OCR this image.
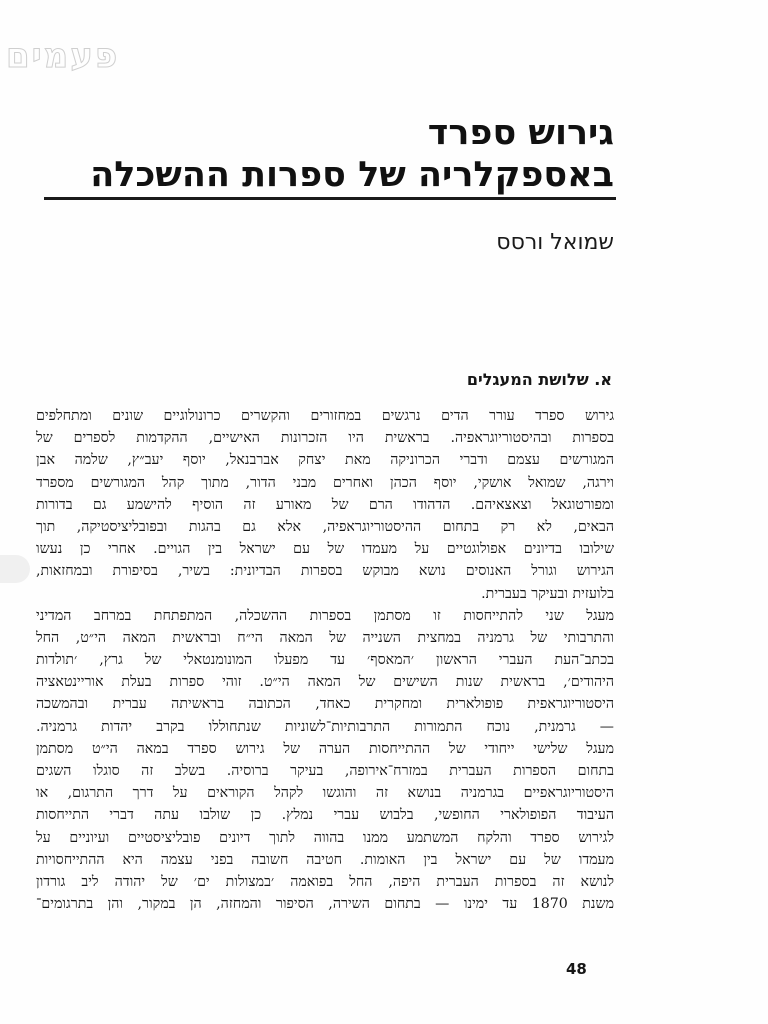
פעמים
גירוש ספרד
באספקלריה של ספרות ההשכלה
שמואל ורסס
א. שלושת המעגלים
גירוש ספרד עורר הדים נרגשים במחזורים והקשרים כרונולוגיים שונים ומתחלפים
בספרות ובהיסטוריוגראפיה. בראשית היו הזכרונות האישיים, ההקדמות לספרים של
המגורשים עצמם ודברי הכרוניקה מאת יצחק אברבנאל, יוסף יעב״ץ, שלמה אבן
וירגה, שמואל אושקי, יוסף הכהן ואחרים מבני הדור, מתוך קהל המגורשים מספרד
ומפורטוגאל וצאצאיהם. הדהודו הרם של מאורע זה הוסיף להישמע גם בדורות
הבאים, לא רק בתחום ההיסטוריוגראפיה, אלא גם בהגות ובפובליציסטיקה, תוך
שילובו בדיונים אפולוגטיים על מעמדו של עם ישראל בין הגויים. אחרי כן נעשו
הגירוש וגורל האנוסים נושא מבוקש בספרות הבדיונית: בשיר, בסיפורת ובמחזאות,
בלועזית ובעיקר בעברית.
מעגל שני להתייחסות זו מסתמן בספרות ההשכלה, המתפתחת במרחב המדיני
והתרבותי של גרמניה במחצית השנייה של המאה הי״ח ובראשית המאה הי״ט, החל
בכתב־העת העברי הראשון ׳המאסף׳ עד מפעלו המונומנטאלי של גרץ, ׳תולדות
היהודים׳, בראשית שנות השישים של המאה הי״ט. זוהי ספרות בעלת אוריינטאציה
היסטוריוגראפית פופולארית ומחקרית כאחד, הכתובה בראשיתה עברית ובהמשכה
— גרמנית, נוכח התמורות התרבותיות־לשוניות שנתחוללו בקרב יהדות גרמניה.
מעגל שלישי ייחודי של ההתייחסות הערה של גירוש ספרד במאה הי״ט מסתמן
בתחום הספרות העברית במזרח־אירופה, בעיקר ברוסיה. בשלב זה סוגלו השגים
היסטוריוגראפיים בגרמניה בנושא זה והוגשו לקהל הקוראים על דרך התרגום, או
העיבוד הפופולארי החופשי, בלבוש עברי נמלץ. כן שולבו עתה דברי התייחסות
לגירוש ספרד והלקח המשתמע ממנו בהווה לתוך דיונים פובליציסטיים ועיוניים על
מעמדו של עם ישראל בין האומות. חטיבה חשובה בפני עצמה היא ההתייחסויות
לנושא זה בספרות העברית היפה, החל בפואמה ׳במצולות ים׳ של יהודה ליב גורדון
משנת 1870 עד ימינו — בתחום השירה, הסיפור והמחזה, הן במקור, והן בתרגומים־
48
